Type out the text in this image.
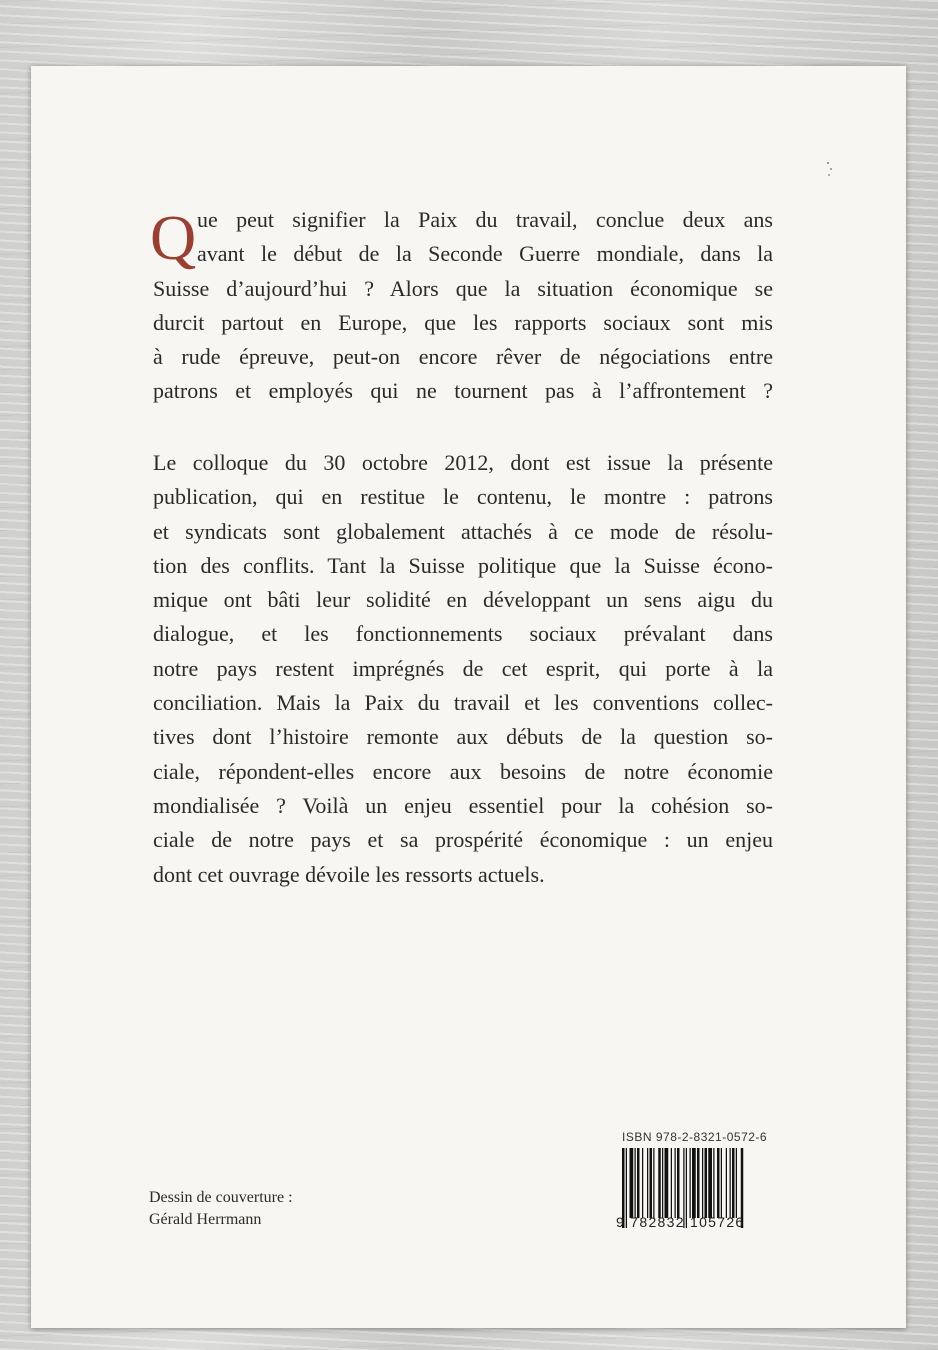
Q ue peut signifier la Paix du travail, conclue deux ans
avant le début de la Seconde Guerre mondiale, dans la
Suisse d’aujourd’hui ? Alors que la situation économique se
durcit partout en Europe, que les rapports sociaux sont mis
à rude épreuve, peut-on encore rêver de négociations entre
patrons et employés qui ne tournent pas à l’affrontement ?
Le colloque du 30 octobre 2012, dont est issue la présente
publication, qui en restitue le contenu, le montre : patrons
et syndicats sont globalement attachés à ce mode de résolu-
tion des conflits. Tant la Suisse politique que la Suisse écono-
mique ont bâti leur solidité en développant un sens aigu du
dialogue, et les fonctionnements sociaux prévalant dans
notre pays restent imprégnés de cet esprit, qui porte à la
conciliation. Mais la Paix du travail et les conventions collec-
tives dont l’histoire remonte aux débuts de la question so-
ciale, répondent-elles encore aux besoins de notre économie
mondialisée ? Voilà un enjeu essentiel pour la cohésion so-
ciale de notre pays et sa prospérité économique : un enjeu
dont cet ouvrage dévoile les ressorts actuels.
Dessin de couverture :
Gérald Herrmann
ISBN 978-2-8321-0572-6
9 782832 105726
